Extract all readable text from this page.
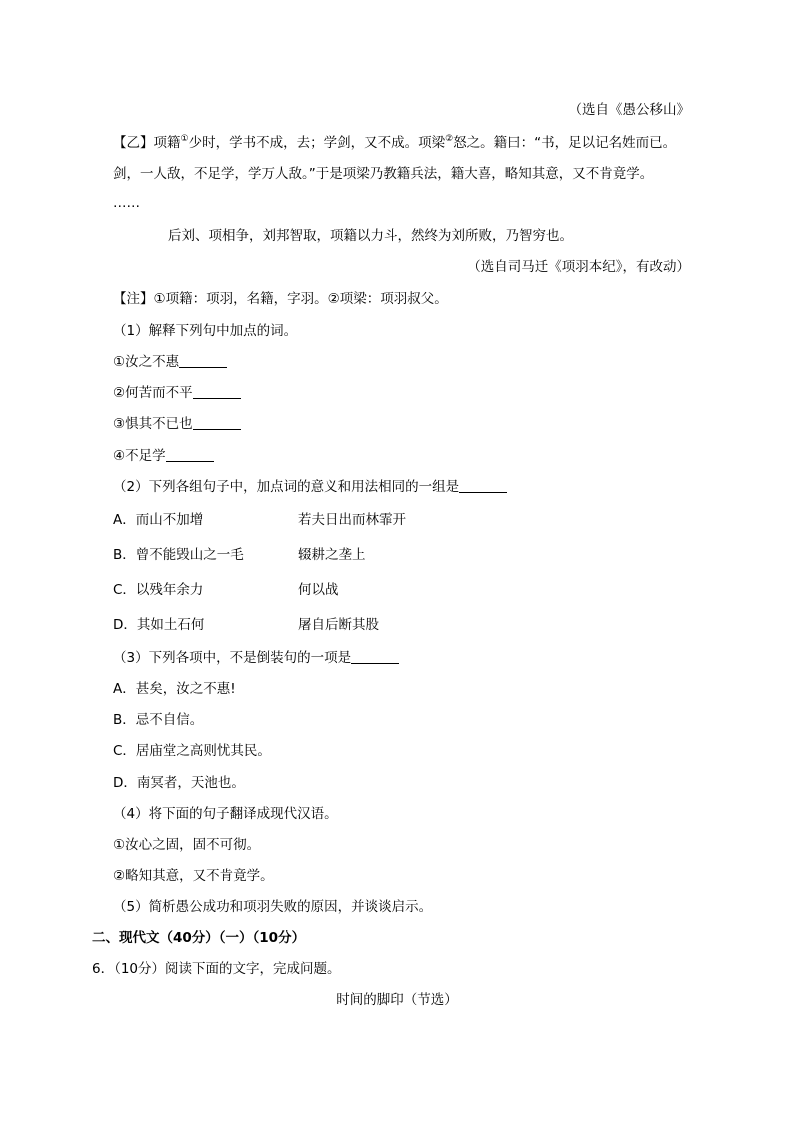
（选自《愚公移山》
【乙】项籍①少时，学书不成，去；学剑，又不成。项梁②怒之。籍曰：“书，足以记名姓而已。
剑，一人敌，不足学，学万人敌。”于是项梁乃教籍兵法，籍大喜，略知其意，又不肯竟学。
……
后刘、项相争，刘邦智取，项籍以力斗，然终为刘所败，乃智穷也。
（选自司马迁《项羽本纪》，有改动）
【注】①项籍：项羽，名籍，字羽。②项梁：项羽叔父。
（1）解释下列句中加点的词。
①汝之不惠
②何苦而不平
③惧其不已也
④不足学
（2）下列各组句子中，加点词的意义和用法相同的一组是
A．而山不加增	若夫日出而林霏开
B．曾不能毁山之一毛	辍耕之垄上
C．以残年余力	何以战
D．其如土石何	屠自后断其股
（3）下列各项中，不是倒装句的一项是
A．甚矣，汝之不惠!
B．忌不自信。
C．居庙堂之高则忧其民。
D．南冥者，天池也。
（4）将下面的句子翻译成现代汉语。
①汝心之固，固不可彻。
②略知其意，又不肯竟学。
（5）简析愚公成功和项羽失败的原因，并谈谈启示。
二、现代文（40分）（一）（10分）
6．（10分）阅读下面的文字，完成问题。
时间的脚印（节选）
